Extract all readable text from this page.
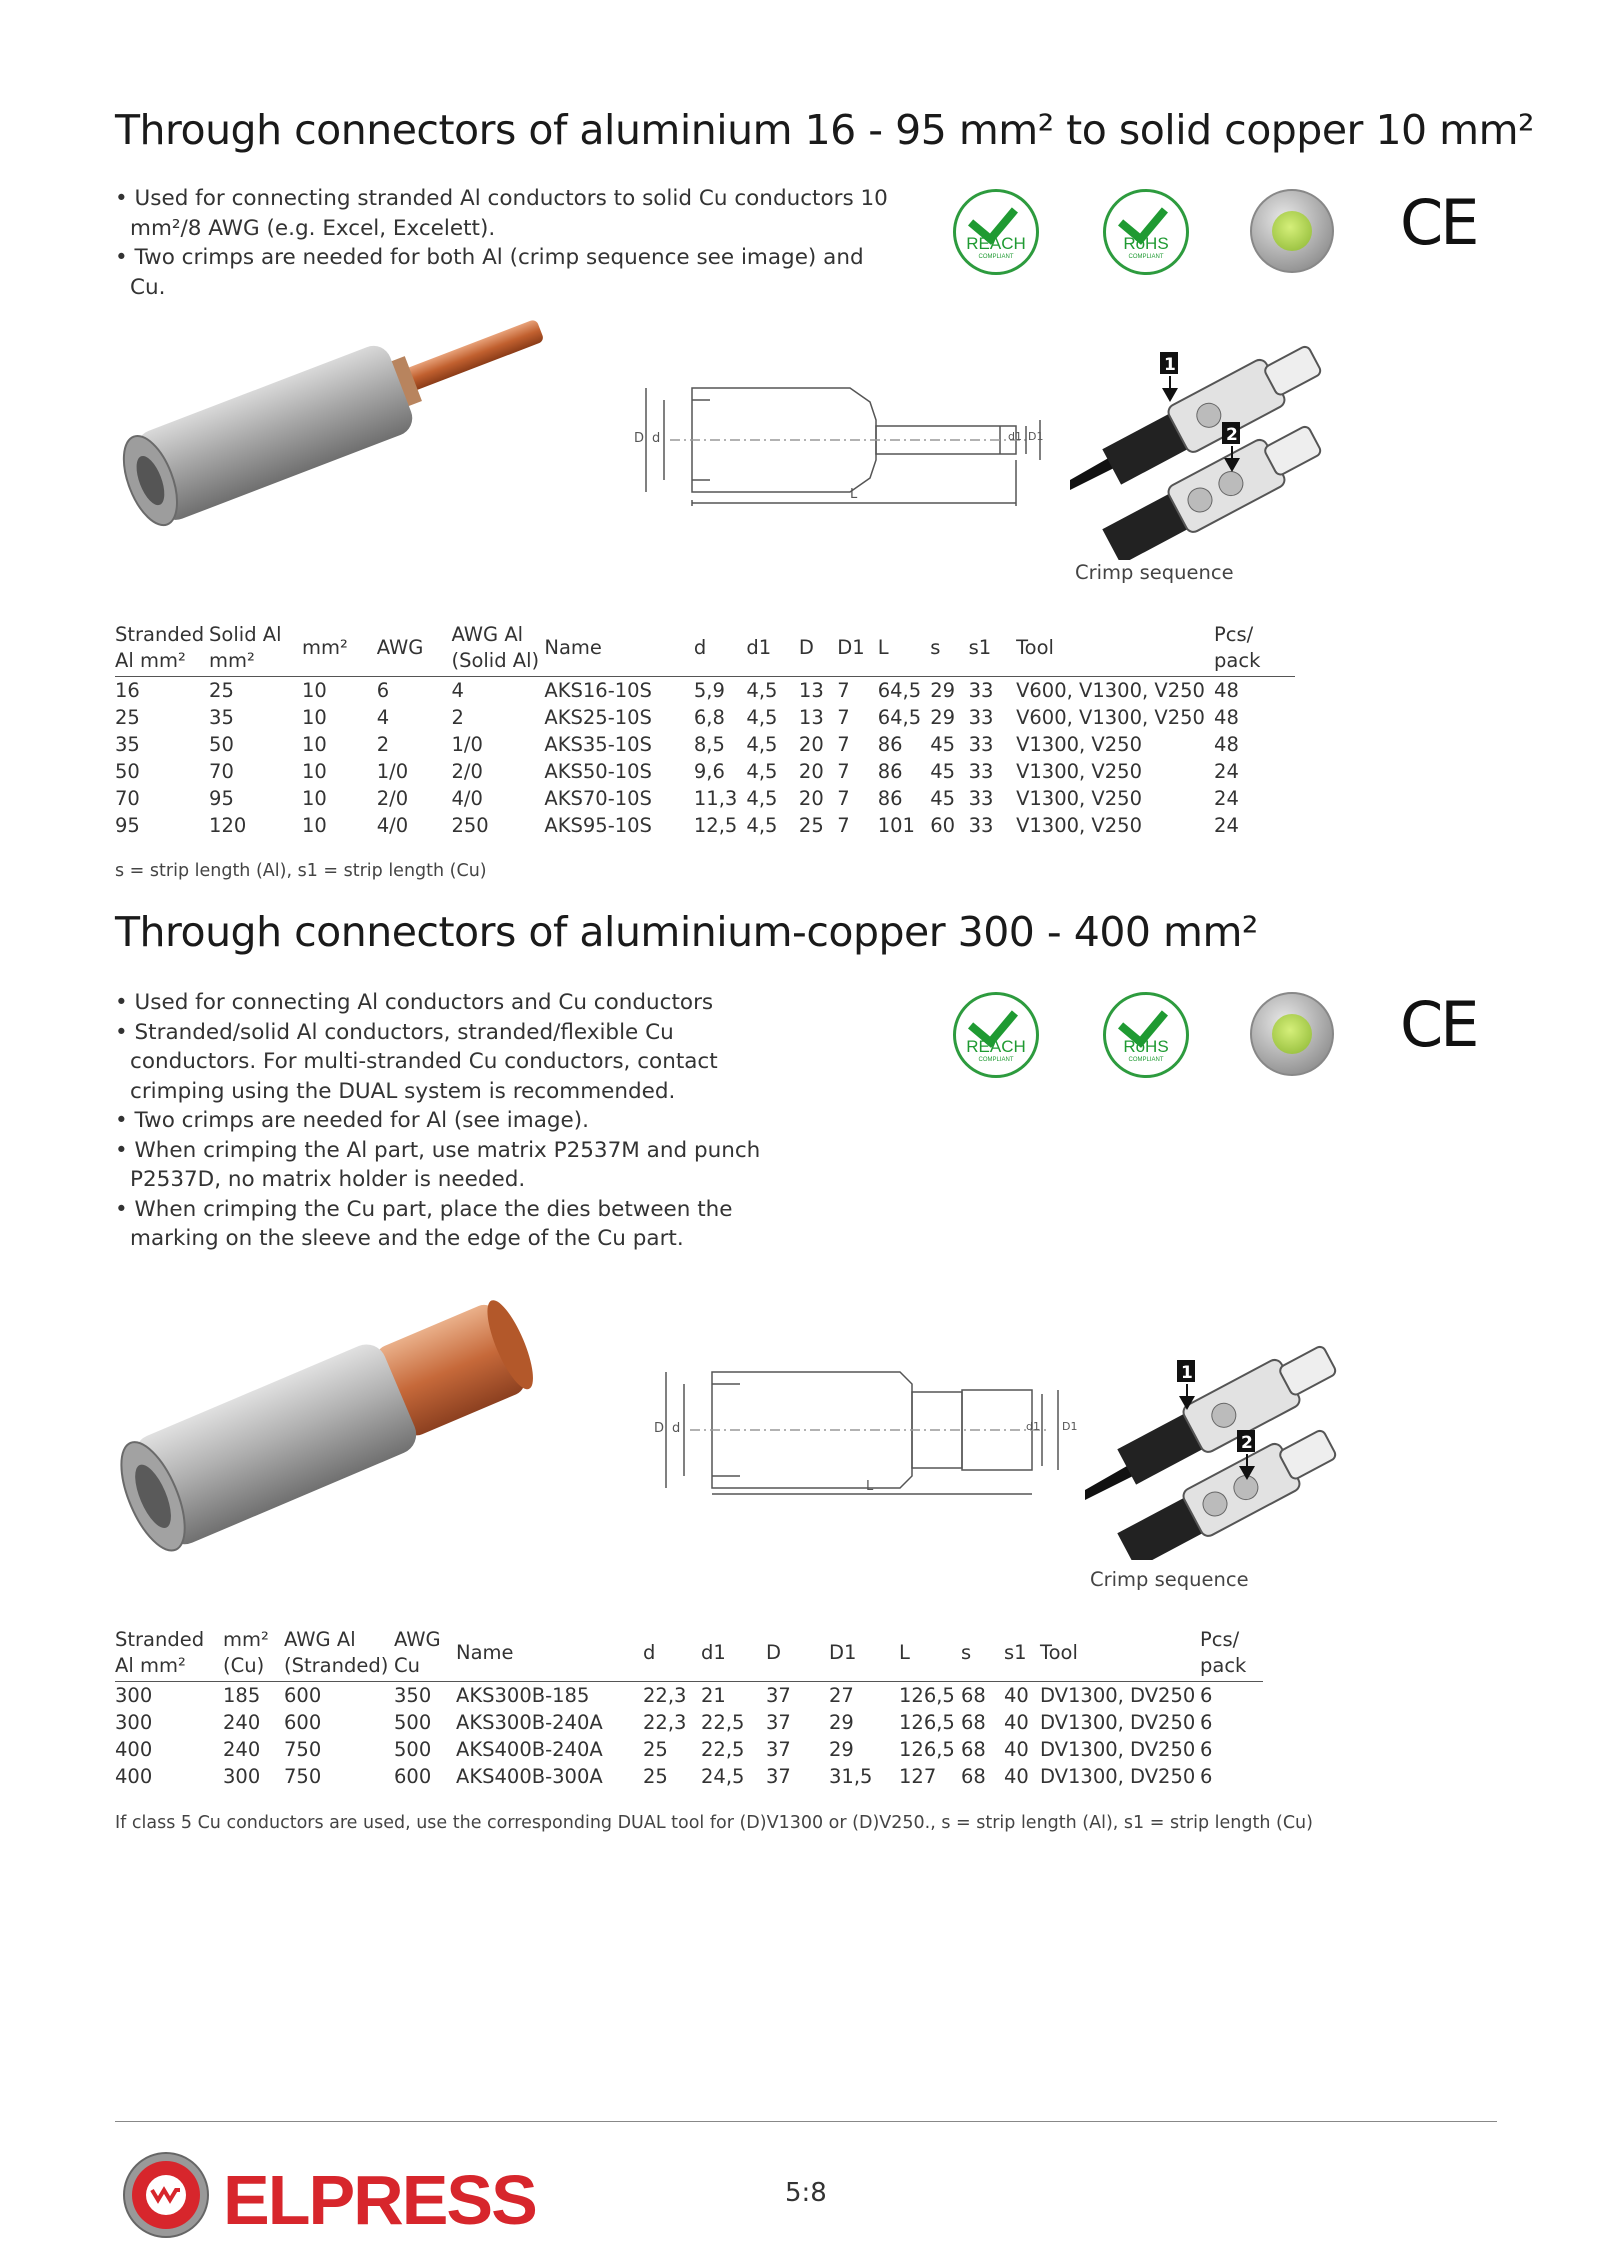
Through connectors of aluminium 16 - 95 mm² to solid copper 10 mm²
• Used for connecting stranded Al conductors to solid Cu conductors 10 mm²/8 AWG (e.g. Excel, Excelett).
• Two crimps are needed for both Al (crimp sequence see image) and Cu.
REACH
COMPLIANT
RoHS
COMPLIANT	CE
L
D d	d1 D1
1
2
Crimp sequence
Stranded Al mm²	Solid Al mm²	mm²	AWG	AWG Al (Solid Al)	Name	d	d1	D	D1	L	s	s1	Tool	Pcs/ pack
16	25	10	6	4	AKS16-10S	5,9	4,5	13	7	64,5	29	33	V600, V1300, V250	48
25	35	10	4	2	AKS25-10S	6,8	4,5	13	7	64,5	29	33	V600, V1300, V250	48
35	50	10	2	1/0	AKS35-10S	8,5	4,5	20	7	86	45	33	V1300, V250	48
50	70	10	1/0	2/0	AKS50-10S	9,6	4,5	20	7	86	45	33	V1300, V250	24
70	95	10	2/0	4/0	AKS70-10S	11,3	4,5	20	7	86	45	33	V1300, V250	24
95	120	10	4/0	250	AKS95-10S	12,5	4,5	25	7	101	60	33	V1300, V250	24
s = strip length (Al), s1 = strip length (Cu)
Through connectors of aluminium-copper 300 - 400 mm²
• Used for connecting Al conductors and Cu conductors
• Stranded/solid Al conductors, stranded/flexible Cu conductors. For multi-stranded Cu conductors, contact crimping using the DUAL system is recommended.
• Two crimps are needed for Al (see image).
• When crimping the Al part, use matrix P2537M and punch P2537D, no matrix holder is needed.
• When crimping the Cu part, place the dies between the marking on the sleeve and the edge of the Cu part.
REACH
COMPLIANT
RoHS
COMPLIANT	CE
L
D d	d1 D1
1
2
Crimp sequence
Stranded Al mm²	mm² (Cu)	AWG Al (Stranded)	AWG Cu	Name	d	d1	D	D1	L	s	s1	Tool	Pcs/ pack
300	185	600	350	AKS300B-185	22,3	21	37	27	126,5	68	40	DV1300, DV250	6
300	240	600	500	AKS300B-240A	22,3	22,5	37	29	126,5	68	40	DV1300, DV250	6
400	240	750	500	AKS400B-240A	25	22,5	37	29	126,5	68	40	DV1300, DV250	6
400	300	750	600	AKS400B-300A	25	24,5	37	31,5	127	68	40	DV1300, DV250	6
If class 5 Cu conductors are used, use the corresponding DUAL tool for (D)V1300 or (D)V250., s = strip length (Al), s1 = strip length (Cu)
ELPRESS	5:8
